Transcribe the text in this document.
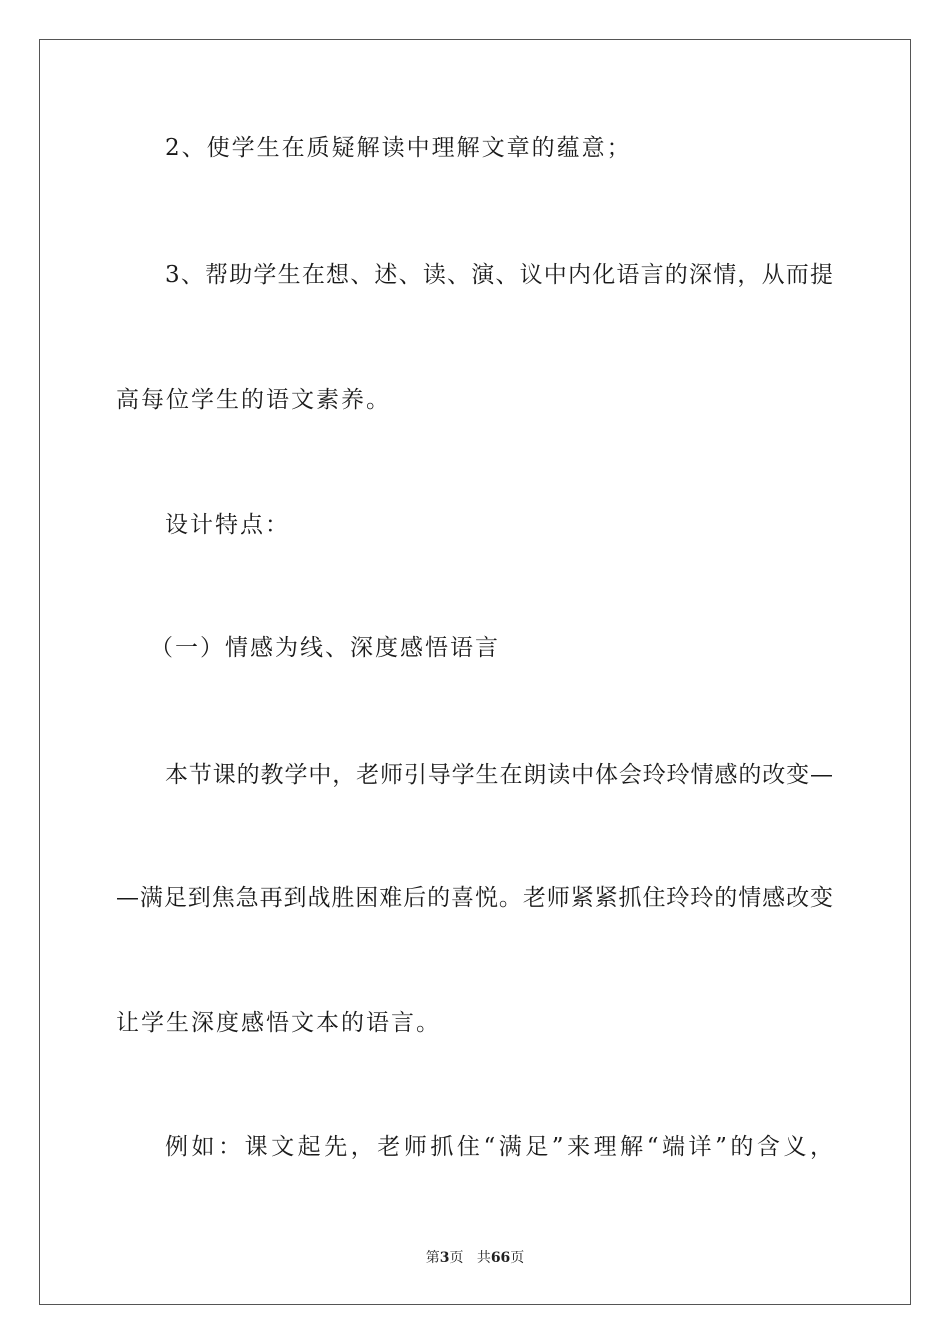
2、使学生在质疑解读中理解文章的蕴意；
3、帮助学生在想、述、读、演、议中内化语言的深情，从而提
高每位学生的语文素养。
设计特点：
（一）情感为线、深度感悟语言
本节课的教学中，老师引导学生在朗读中体会玲玲情感的改变—
—满足到焦急再到战胜困难后的喜悦。老师紧紧抓住玲玲的情感改变
让学生深度感悟文本的语言。
例如：课文起先，老师抓住“满足”来理解“端详”的含义，
第3页 共66页
